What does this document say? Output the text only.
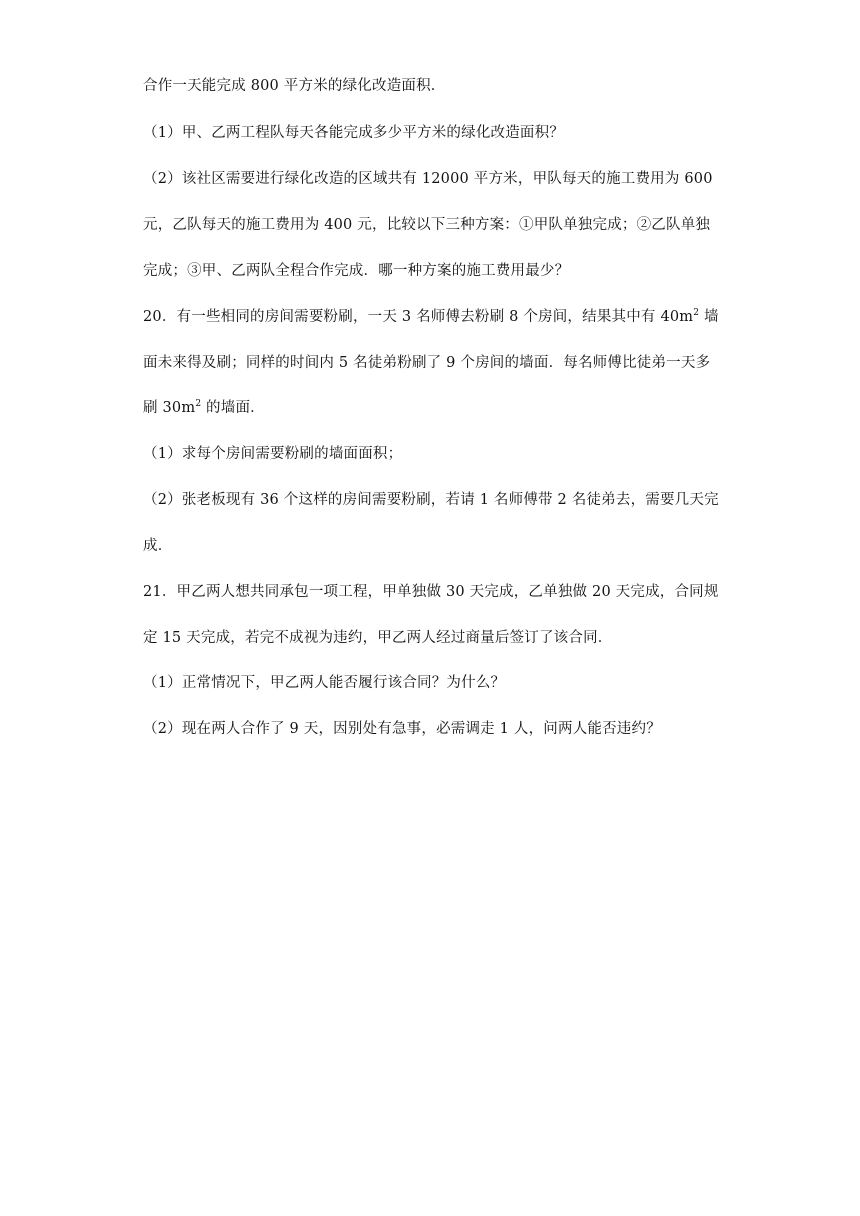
合作一天能完成 800 平方米的绿化改造面积．
（1）甲、乙两工程队每天各能完成多少平方米的绿化改造面积？
（2）该社区需要进行绿化改造的区域共有 12000 平方米，甲队每天的施工费用为 600
元，乙队每天的施工费用为 400 元，比较以下三种方案：①甲队单独完成；②乙队单独
完成；③甲、乙两队全程合作完成．哪一种方案的施工费用最少？
20．有一些相同的房间需要粉刷，一天 3 名师傅去粉刷 8 个房间，结果其中有 $40m^2$ 墙
面未来得及刷；同样的时间内 5 名徒弟粉刷了 9 个房间的墙面．每名师傅比徒弟一天多
刷 $30m^2$ 的墙面．
（1）求每个房间需要粉刷的墙面面积；
（2）张老板现有 36 个这样的房间需要粉刷，若请 1 名师傅带 2 名徒弟去，需要几天完
成．
21．甲乙两人想共同承包一项工程，甲单独做 30 天完成，乙单独做 20 天完成，合同规
定 15 天完成，若完不成视为违约，甲乙两人经过商量后签订了该合同．
（1）正常情况下，甲乙两人能否履行该合同？为什么？
（2）现在两人合作了 9 天，因别处有急事，必需调走 1 人，问两人能否违约？
